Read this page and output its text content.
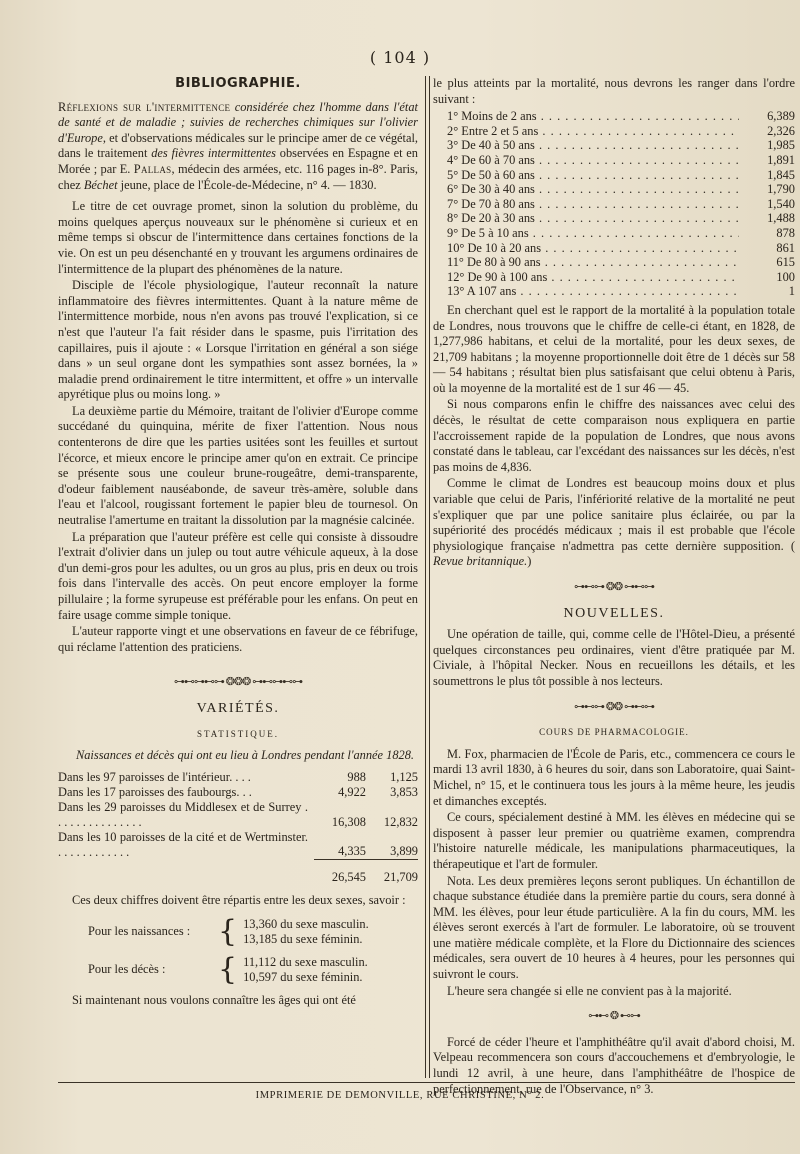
( 104 )
BIBLIOGRAPHIE.

Réflexions sur l'intermittence considérée chez l'homme dans l'état de santé et de maladie ; suivies de recherches chimiques sur l'olivier d'Europe, et d'observations médicales sur le principe amer de ce végétal, dans le traitement des fièvres intermittentes observées en Espagne et en Morée ; par E. Pallas, médecin des armées, etc. 116 pages in-8°. Paris, chez Béchet jeune, place de l'École-de-Médecine, n° 4. — 1830.

Le titre de cet ouvrage promet, sinon la solution du problème, du moins quelques aperçus nouveaux sur le phénomène si curieux et en même temps si obscur de l'intermittence dans certaines fonctions de la vie. On est un peu désenchanté en y trouvant les argumens ordinaires de l'intermittence de la plupart des phénomènes de la nature.

Disciple de l'école physiologique, l'auteur reconnaît la nature inflammatoire des fièvres intermittentes. Quant à la nature même de l'intermittence morbide, nous n'en avons pas trouvé l'explication, si ce n'est que l'auteur l'a fait résider dans le spasme, puis l'irritation des capillaires, puis il ajoute : « Lorsque l'irritation en général a son siége dans » un seul organe dont les sympathies sont assez bornées, la » maladie prend ordinairement le titre intermittent, et offre » un intervalle apyrétique plus ou moins long. »

La deuxième partie du Mémoire, traitant de l'olivier d'Europe comme succédané du quinquina, mérite de fixer l'attention. Nous nous contenterons de dire que les parties usitées sont les feuilles et surtout l'écorce, et mieux encore le principe amer qu'on en extrait. Ce principe se présente sous une couleur brune-rougeâtre, demi-transparente, d'odeur faiblement nauséabonde, de saveur très-amère, soluble dans l'eau et l'alcool, rougissant fortement le papier bleu de tournesol. On neutralise l'amertume en traitant la dissolution par la magnésie calcinée.

La préparation que l'auteur préfère est celle qui consiste à dissoudre l'extrait d'olivier dans un julep ou tout autre véhicule aqueux, à la dose d'un demi-gros pour les adultes, ou un gros au plus, pris en deux ou trois fois dans l'intervalle des accès. On peut encore employer la forme pillulaire ; la forme syrupeuse est préférable pour les enfans. On peut en faire usage comme simple tonique.

L'auteur rapporte vingt et une observations en faveur de ce fébrifuge, qui réclame l'attention des praticiens.

⊶⊷⊶⊷⊶ ❂❂❂ ⊶⊷⊶⊷⊶
VARIÉTÉS.
STATISTIQUE.

Naissances et décès qui ont eu lieu à Londres pendant l'année 1828.

Dans les 97 paroisses de l'intérieur. . . .	988	1,125
Dans les 17 paroisses des faubourgs. . .	4,922	3,853
Dans les 29 paroisses du Middlesex et de Surrey . . . . . . . . . . . . . . .	16,308	12,832
Dans les 10 paroisses de la cité et de Wertminster. . . . . . . . . . . . .	4,335	3,899
	26,545	21,709

Ces deux chiffres doivent être répartis entre les deux sexes, savoir :

Pour les naissances : { 13,360 du sexe masculin.
13,185 du sexe féminin.
Pour les décès :	{ 11,112 du sexe masculin.
10,597 du sexe féminin.

Si maintenant nous voulons connaître les âges qui ont été

le plus atteints par la mortalité, nous devrons les ranger dans l'ordre suivant :

1° Moins de 2 ans . . .	6,389
2° Entre 2 et 5 ans . . .	2,326
3° De 40 à 50 ans . . .	1,985
4° De 60 à 70 ans . . .	1,891
5° De 50 à 60 ans . . .	1,845
6° De 30 à 40 ans . . .	1,790
7° De 70 à 80 ans . . .	1,540
8° De 20 à 30 ans . . .	1,488
9° De 5 à 10 ans . . .	878
10° De 10 à 20 ans . . .	861
11° De 80 à 90 ans . . .	615
12° De 90 à 100 ans . . .	100
13° A 107 ans . . .	1

En cherchant quel est le rapport de la mortalité à la population totale de Londres, nous trouvons que le chiffre de celle-ci étant, en 1828, de 1,277,986 habitans, et celui de la mortalité, pour les deux sexes, de 21,709 habitans ; la moyenne proportionnelle doit être de 1 décès sur 58 — 54 habitans ; résultat bien plus satisfaisant que celui obtenu à Paris, où la moyenne de la mortalité est de 1 sur 46 — 45.

Si nous comparons enfin le chiffre des naissances avec celui des décès, le résultat de cette comparaison nous expliquera en partie l'accroissement rapide de la population de Londres, que nous avons constaté dans le tableau, car l'excédant des naissances sur les décès, n'est pas moins de 4,836.

Comme le climat de Londres est beaucoup moins doux et plus variable que celui de Paris, l'infériorité relative de la mortalité ne peut s'expliquer que par une police sanitaire plus éclairée, ou par la supériorité des procédés médicaux ; mais il est probable que l'école physiologique française n'admettra pas cette dernière supposition. ( Revue britannique.)

⊶⊷⊶ ❂❂ ⊶⊷⊶
NOUVELLES.

Une opération de taille, qui, comme celle de l'Hôtel-Dieu, a présenté quelques circonstances peu ordinaires, vient d'être pratiquée par M. Civiale, à l'hôpital Necker. Nous en recueillons les détails, et les soumettrons le plus tôt possible à nos lecteurs.

⊶⊷⊶ ❂❂ ⊶⊷⊶
COURS DE PHARMACOLOGIE.

M. Fox, pharmacien de l'École de Paris, etc., commencera ce cours le mardi 13 avril 1830, à 6 heures du soir, dans son Laboratoire, quai Saint-Michel, n° 15, et le continuera tous les jours à la même heure, les jeudis et dimanches exceptés.

Ce cours, spécialement destiné à MM. les élèves en médecine qui se disposent à passer leur premier ou quatrième examen, comprendra l'histoire naturelle médicale, les manipulations pharmaceutiques, la thérapeutique et l'art de formuler.

Nota. Les deux premières leçons seront publiques. Un échantillon de chaque substance étudiée dans la première partie du cours, sera donné à MM. les élèves, pour leur étude particulière. A la fin du cours, MM. les élèves seront exercés à l'art de formuler. Le laboratoire, où se trouvent une matière médicale complète, et la Flore du Dictionnaire des sciences médicales, sera ouvert de 10 heures à 4 heures, pour les personnes qui suivront le cours.

L'heure sera changée si elle ne convient pas à la majorité.

⊶⊷ ❂ ⊷⊶

Forcé de céder l'heure et l'amphithéâtre qu'il avait d'abord choisi, M. Velpeau recommencera son cours d'accouchemens et d'embryologie, le lundi 12 avril, à une heure, dans l'amphithéâtre de l'hospice de perfectionnement, rue de l'Observance, n° 3.

IMPRIMERIE DE DEMONVILLE, RUE CHRISTINE, N° 2.
